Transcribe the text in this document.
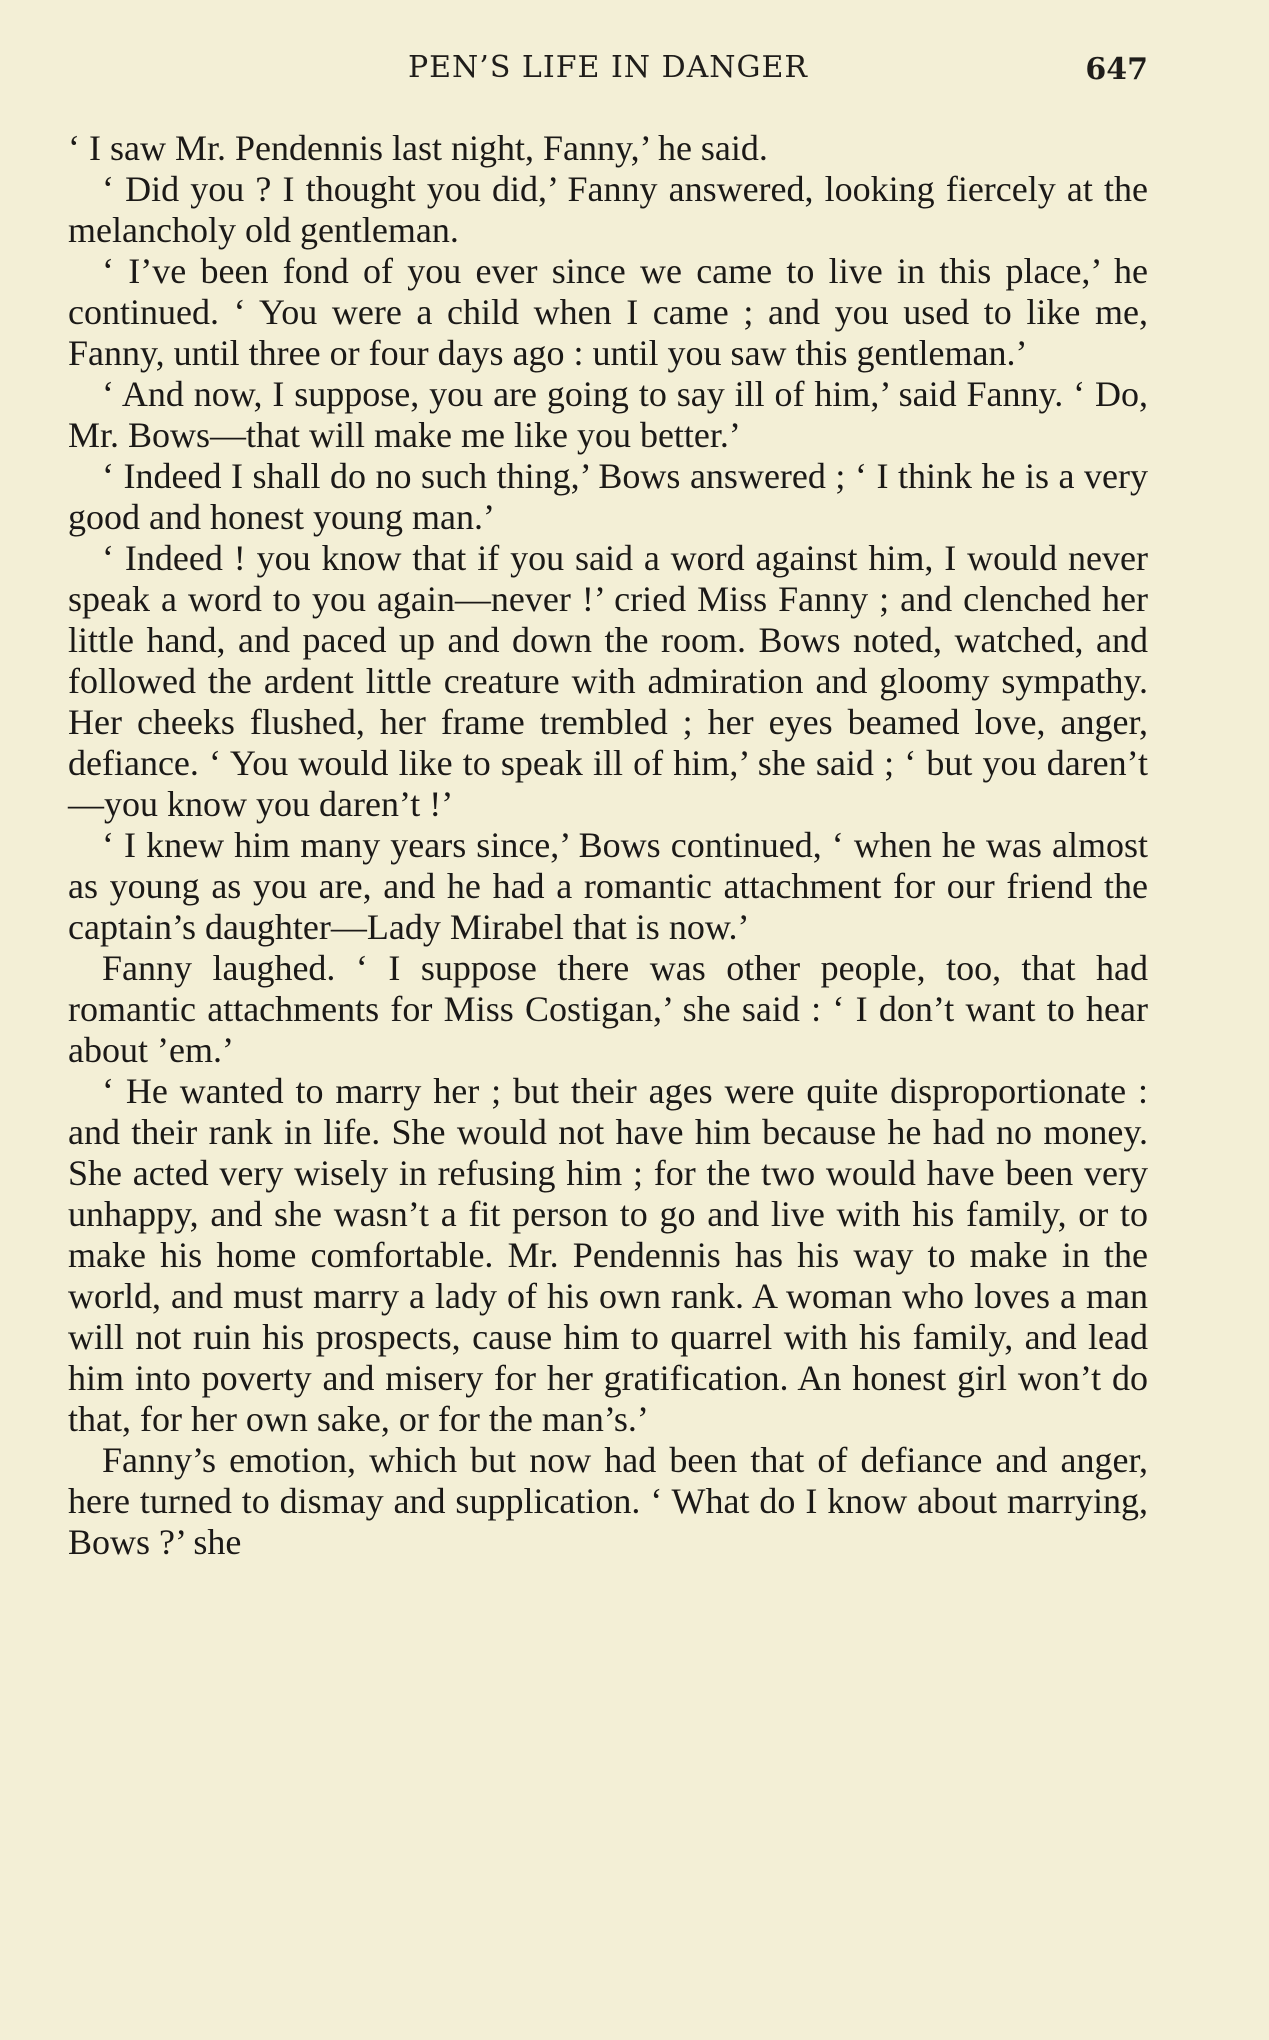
PEN’S LIFE IN DANGER	647

‘ I saw Mr. Pendennis last night, Fanny,’ he said.

‘ Did you ? I thought you did,’ Fanny answered, looking fiercely at the melancholy old gentleman.

‘ I’ve been fond of you ever since we came to live in this place,’ he continued. ‘ You were a child when I came ; and you used to like me, Fanny, until three or four days ago : until you saw this gentleman.’

‘ And now, I suppose, you are going to say ill of him,’ said Fanny. ‘ Do, Mr. Bows—that will make me like you better.’

‘ Indeed I shall do no such thing,’ Bows answered ; ‘ I think he is a very good and honest young man.’

‘ Indeed ! you know that if you said a word against him, I would never speak a word to you again—never !’ cried Miss Fanny ; and clenched her little hand, and paced up and down the room. Bows noted, watched, and followed the ardent little creature with admiration and gloomy sympathy. Her cheeks flushed, her frame trembled ; her eyes beamed love, anger, defiance. ‘ You would like to speak ill of him,’ she said ; ‘ but you daren’t—you know you daren’t !’

‘ I knew him many years since,’ Bows continued, ‘ when he was almost as young as you are, and he had a romantic attachment for our friend the captain’s daughter—Lady Mirabel that is now.’

Fanny laughed. ‘ I suppose there was other people, too, that had romantic attachments for Miss Costigan,’ she said : ‘ I don’t want to hear about ’em.’

‘ He wanted to marry her ; but their ages were quite disproportionate : and their rank in life. She would not have him because he had no money. She acted very wisely in refusing him ; for the two would have been very unhappy, and she wasn’t a fit person to go and live with his family, or to make his home comfortable. Mr. Pendennis has his way to make in the world, and must marry a lady of his own rank. A woman who loves a man will not ruin his prospects, cause him to quarrel with his family, and lead him into poverty and misery for her gratification. An honest girl won’t do that, for her own sake, or for the man’s.’

Fanny’s emotion, which but now had been that of defiance and anger, here turned to dismay and supplication. ‘ What do I know about marrying, Bows ?’ she
